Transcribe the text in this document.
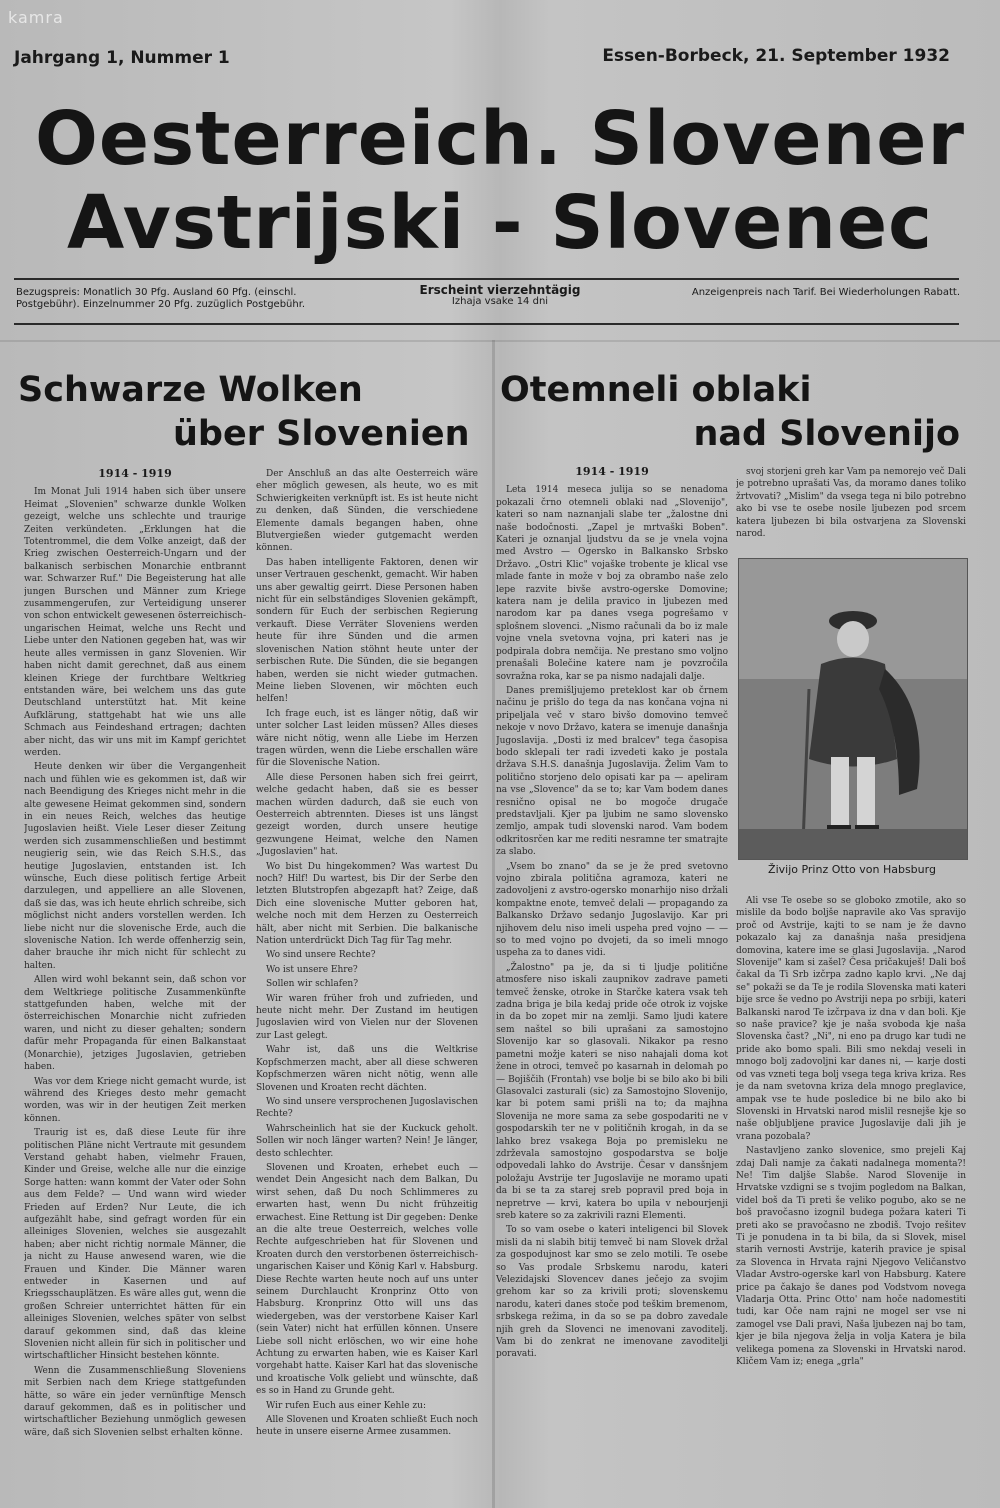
kamra
Jahrgang 1, Nummer 1	Essen-Borbeck, 21. September 1932
Oesterreich. Slovener
Avstrijski - Slovenec
Bezugspreis: Monatlich 30 Pfg. Ausland 60 Pfg. (einschl.
Postgebühr). Einzelnummer 20 Pfg. zuzüglich Postgebühr.
Erscheint vierzehntägig
Izhaja vsake 14 dni
Anzeigenpreis nach Tarif. Bei Wiederholungen Rabatt.
Schwarze Wolken
über Slovenien
Otemneli oblaki
nad Slovenijo

1914 - 1919

Im Monat Juli 1914 haben sich über unsere Heimat „Slovenien" schwarze dunkle Wolken gezeigt, welche uns schlechte und traurige Zeiten verkündeten. „Erklungen hat die Totentrommel, die dem Volke anzeigt, daß der Krieg zwischen Oesterreich-Ungarn und der balkanisch serbischen Monarchie entbrannt war. Schwarzer Ruf." Die Begeisterung hat alle jungen Burschen und Männer zum Kriege zusammengerufen, zur Verteidigung unserer von schon entwickelt gewesenen österreichisch-ungarischen Heimat, welche uns Recht und Liebe unter den Nationen gegeben hat, was wir heute alles vermissen in ganz Slovenien. Wir haben nicht damit gerechnet, daß aus einem kleinen Kriege der furchtbare Weltkrieg entstanden wäre, bei welchem uns das gute Deutschland unterstützt hat. Mit keine Aufklärung, stattgehabt hat wie uns alle Schmach aus Feindeshand ertragen; dachten aber nicht, das wir uns mit im Kampf gerichtet werden.

Heute denken wir über die Vergangenheit nach und fühlen wie es gekommen ist, daß wir nach Beendigung des Krieges nicht mehr in die alte gewesene Heimat gekommen sind, sondern in ein neues Reich, welches das heutige Jugoslavien heißt. Viele Leser dieser Zeitung werden sich zusammenschließen und bestimmt neugierig sein, wie das Reich S.H.S., das heutige Jugoslavien, entstanden ist. Ich wünsche, Euch diese politisch fertige Arbeit darzulegen, und appelliere an alle Slovenen, daß sie das, was ich heute ehrlich schreibe, sich möglichst nicht anders vorstellen werden. Ich liebe nicht nur die slovenische Erde, auch die slovenische Nation. Ich werde offenherzig sein, daher brauche ihr mich nicht für schlecht zu halten.

Allen wird wohl bekannt sein, daß schon vor dem Weltkriege politische Zusammenkünfte stattgefunden haben, welche mit der österreichischen Monarchie nicht zufrieden waren, und nicht zu dieser gehalten; sondern dafür mehr Propaganda für einen Balkanstaat (Monarchie), jetziges Jugoslavien, getrieben haben.

Was vor dem Kriege nicht gemacht wurde, ist während des Krieges desto mehr gemacht worden, was wir in der heutigen Zeit merken können.

Traurig ist es, daß diese Leute für ihre politischen Pläne nicht Vertraute mit gesundem Verstand gehabt haben, vielmehr Frauen, Kinder und Greise, welche alle nur die einzige Sorge hatten: wann kommt der Vater oder Sohn aus dem Felde? — Und wann wird wieder Frieden auf Erden? Nur Leute, die ich aufgezählt habe, sind gefragt worden für ein alleiniges Slovenien, welches sie ausgezahlt haben; aber nicht richtig normale Männer, die ja nicht zu Hause anwesend waren, wie die Frauen und Kinder. Die Männer waren entweder in Kasernen und auf Kriegsschauplätzen. Es wäre alles gut, wenn die großen Schreier unterrichtet hätten für ein alleiniges Slovenien, welches später von selbst darauf gekommen sind, daß das kleine Slovenien nicht allein für sich in politischer und wirtschaftlicher Hinsicht bestehen könnte.

Wenn die Zusammenschließung Sloveniens mit Serbien nach dem Kriege stattgefunden hätte, so wäre ein jeder vernünftige Mensch darauf gekommen, daß es in politischer und wirtschaftlicher Beziehung unmöglich gewesen wäre, daß sich Slovenien selbst erhalten könne.

Der Anschluß an das alte Oesterreich wäre eher möglich gewesen, als heute, wo es mit Schwierigkeiten verknüpft ist. Es ist heute nicht zu denken, daß Sünden, die verschiedene Elemente damals begangen haben, ohne Blutvergießen wieder gutgemacht werden können.

Das haben intelligente Faktoren, denen wir unser Vertrauen geschenkt, gemacht. Wir haben uns aber gewaltig geirrt. Diese Personen haben nicht für ein selbständiges Slovenien gekämpft, sondern für Euch der serbischen Regierung verkauft. Diese Verräter Sloveniens werden heute für ihre Sünden und die armen slovenischen Nation stöhnt heute unter der serbischen Rute. Die Sünden, die sie begangen haben, werden sie nicht wieder gutmachen. Meine lieben Slovenen, wir möchten euch helfen!

Ich frage euch, ist es länger nötig, daß wir unter solcher Last leiden müssen? Alles dieses wäre nicht nötig, wenn alle Liebe im Herzen tragen würden, wenn die Liebe erschallen wäre für die Slovenische Nation.

Alle diese Personen haben sich frei geirrt, welche gedacht haben, daß sie es besser machen würden dadurch, daß sie euch von Oesterreich abtrennten. Dieses ist uns längst gezeigt worden, durch unsere heutige gezwungene Heimat, welche den Namen „Jugoslavien" hat.

Wo bist Du hingekommen? Was wartest Du noch? Hilf! Du wartest, bis Dir der Serbe den letzten Blutstropfen abgezapft hat? Zeige, daß Dich eine slovenische Mutter geboren hat, welche noch mit dem Herzen zu Oesterreich hält, aber nicht mit Serbien. Die balkanische Nation unterdrückt Dich Tag für Tag mehr.

Wo sind unsere Rechte?

Wo ist unsere Ehre?

Sollen wir schlafen?

Wir waren früher froh und zufrieden, und heute nicht mehr. Der Zustand im heutigen Jugoslavien wird von Vielen nur der Slovenen zur Last gelegt.

Wahr ist, daß uns die Weltkrise Kopfschmerzen macht, aber all diese schweren Kopfschmerzen wären nicht nötig, wenn alle Slovenen und Kroaten recht dächten.

Wo sind unsere versprochenen Jugoslavischen Rechte?

Wahrscheinlich hat sie der Kuckuck geholt. Sollen wir noch länger warten? Nein! Je länger, desto schlechter.

Slovenen und Kroaten, erhebet euch — wendet Dein Angesicht nach dem Balkan, Du wirst sehen, daß Du noch Schlimmeres zu erwarten hast, wenn Du nicht frühzeitig erwachest. Eine Rettung ist Dir gegeben: Denke an die alte treue Oesterreich, welches volle Rechte aufgeschrieben hat für Slovenen und Kroaten durch den verstorbenen österreichisch-ungarischen Kaiser und König Karl v. Habsburg. Diese Rechte warten heute noch auf uns unter seinem Durchlaucht Kronprinz Otto von Habsburg. Kronprinz Otto will uns das wiedergeben, was der verstorbene Kaiser Karl (sein Vater) nicht hat erfüllen können. Unsere Liebe soll nicht erlöschen, wo wir eine hohe Achtung zu erwarten haben, wie es Kaiser Karl vorgehabt hatte. Kaiser Karl hat das slovenische und kroatische Volk geliebt und wünschte, daß es so in Hand zu Grunde geht.

Wir rufen Euch aus einer Kehle zu:

Alle Slovenen und Kroaten schließt Euch noch heute in unsere eiserne Armee zusammen.

1914 - 1919

Leta 1914 meseca julija so se nenadoma pokazali črno otemneli oblaki nad „Slovenijo", kateri so nam naznanjali slabe ter „žalostne dni naše bodočnosti. „Zapel je mrtvaški Boben". Kateri je oznanjal ljudstvu da se je vnela vojna med Avstro — Ogersko in Balkansko Srbsko Državo. „Ostri Klic" vojaške trobente je klical vse mlade fante in može v boj za obrambo naše zelo lepe razvite bivše avstro-ogerske Domovine; katera nam je delila pravico in ljubezen med narodom kar pa danes vsega pogrešamo v splošnem slovenci. „Nismo računali da bo iz male vojne vnela svetovna vojna, pri kateri nas je podpirala dobra nemčija. Ne prestano smo voljno prenašali Bolečine katere nam je povzročila sovražna roka, kar se pa nismo nadajali dalje.

Danes premišljujemo preteklost kar ob črnem načinu je prišlo do tega da nas končana vojna ni pripeljala več v staro bivšo domovino temveč nekoje v novo Državo, katera se imenuje današnja Jugoslavija. „Dosti iz med bralcev" tega časopisa bodo sklepali ter radi izvedeti kako je postala država S.H.S. današnja Jugoslavija. Želim Vam to politično storjeno delo opisati kar pa — apeliram na vse „Slovence" da se to; kar Vam bodem danes resnično opisal ne bo mogoče drugače predstavljali. Kjer pa ljubim ne samo slovensko zemljo, ampak tudi slovenski narod. Vam bodem odkritosrčen kar me rediti nesramne ter smatrajte za slabo.

„Vsem bo znano" da se je že pred svetovno vojno zbirala politična agramoza, kateri ne zadovoljeni z avstro-ogersko monarhijo niso držali kompaktne enote, temveč delali — propagando za Balkansko Državo sedanjo Jugoslavijo. Kar pri njihovem delu niso imeli uspeha pred vojno — — so to med vojno po dvojeti, da so imeli mnogo uspeha za to danes vidi.

„Žalostno" pa je, da si ti ljudje politične atmosfere niso iskali zaupnikov zadrave pameti temveč ženske, otroke in Starčke katera vsak teh zadna briga je bila kedaj pride oče otrok iz vojske in da bo zopet mir na zemlji. Samo ljudi katere sem naštel so bili uprašani za samostojno Slovenijo kar so glasovali. Nikakor pa resno pametni možje kateri se niso nahajali doma kot žene in otroci, temveč po kasarnah in delomah po — Bojiščih (Frontah) vse bolje bi se bilo ako bi bili Glasovalci zasturali (sic) za Samostojno Slovenijo, kar bi potem sami prišli na to; da majhna Slovenija ne more sama za sebe gospodariti ne v gospodarskih ter ne v političnih krogah, in da se lahko brez vsakega Boja po premisleku ne zdrževala samostojno gospodarstva se bolje odpovedali lahko do Avstrije. Česar v dansšnjem položaju Avstrije ter Jugoslavije ne moramo upati da bi se ta za starej sreb popravil pred boja in nepretrve — krvi, katera bo upila v nebourjenji sreb katere so za zakrivili razni Elementi.

To so vam osebe o kateri inteligenci bil Slovek misli da ni slabih bitij temveč bi nam Slovek držal za gospodujnost kar smo se zelo motili. Te osebe so Vas prodale Srbskemu narodu, kateri Velezidajski Slovencev danes ječejo za svojim grehom kar so za krivili proti; slovenskemu narodu, kateri danes stoče pod teškim bremenom, srbskega režima, in da so se pa dobro zavedale njih greh da Slovenci ne imenovani zavoditelj. Vam bi do zenkrat ne imenovane zavoditelji poravati.

svoj storjeni greh kar Vam pa nemorejo več Dali je potrebno uprašati Vas, da moramo danes toliko žrtvovati? „Mislim" da vsega tega ni bilo potrebno ako bi vse te osebe nosile ljubezen pod srcem katera ljubezen bi bila ostvarjena za Slovenski narod.

Živijo Prinz Otto von Habsburg

Ali vse Te osebe so se globoko zmotile, ako so mislile da bodo boljše napravile ako Vas spravijo proč od Avstrije, kajti to se nam je že davno pokazalo kaj za današnja naša presidjena domovina, katere ime se glasi Jugoslavija. „Narod Slovenije" kam si zašel? Česa pričakuješ! Dali boš čakal da Ti Srb izčrpa zadno kaplo krvi. „Ne daj se" pokaži se da Te je rodila Slovenska mati kateri bije srce še vedno po Avstriji nepa po srbiji, kateri Balkanski narod Te izčrpava iz dna v dan boli. Kje so naše pravice? kje je naša svoboda kje naša Slovenska čast? „Ni", ni eno pa drugo kar tudi ne pride ako bomo spali. Bili smo nekdaj veseli in mnogo bolj zadovoljni kar danes ni, — karje dosti od vas vzneti tega bolj vsega tega kriva kriza. Res je da nam svetovna kriza dela mnogo preglavice, ampak vse te hude posledice bi ne bilo ako bi Slovenski in Hrvatski narod mislil resnejše kje so naše obljubljene pravice Jugoslavije dali jih je vrana pozobala?

Nastavljeno zanko slovenice, smo prejeli Kaj zdaj Dali namje za čakati nadalnega momenta?! Ne! Tim daljše Slabše. Narod Slovenije in Hrvatske vzdigni se s tvojim pogledom na Balkan, videl boš da Ti preti še veliko pogubo, ako se ne boš pravočasno izognil budega požara kateri Ti preti ako se pravočasno ne zbodiš. Tvojo rešitev Ti je ponudena in ta bi bila, da si Slovek, misel starih vernosti Avstrije, katerih pravice je spisal za Slovenca in Hrvata rajni Njegovo Veličanstvo Vladar Avstro-ogerske karl von Habsburg. Katere price pa čakajo še danes pod Vodstvom novega Vladarja Otta. Princ Otto' nam hoče nadomestiti tudi, kar Oče nam rajni ne mogel ser vse ni zamogel vse Dali pravi, Naša ljubezen naj bo tam, kjer je bila njegova želja in volja Katera je bila velikega pomena za Slovenski in Hrvatski narod. Kličem Vam iz; enega „grla"
